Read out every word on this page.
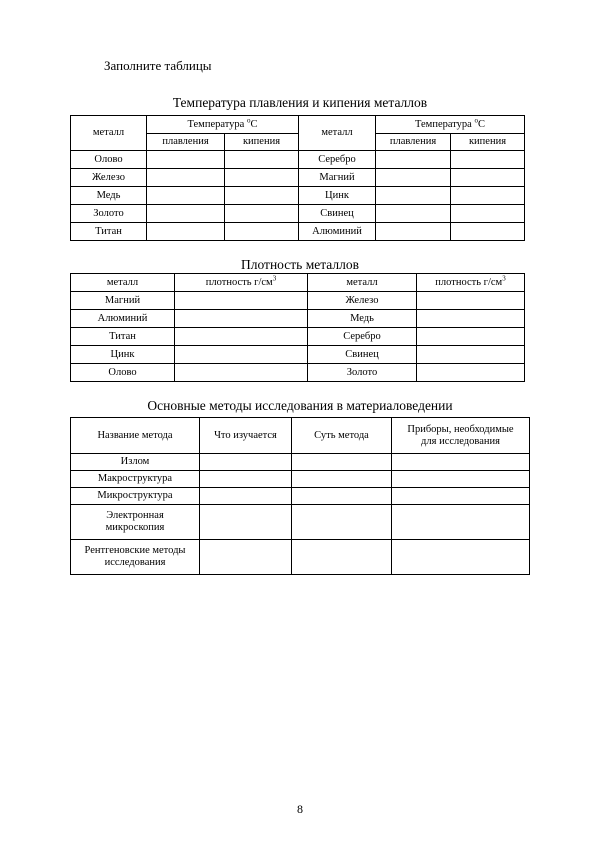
Заполните таблицы
Температура плавления и кипения металлов
металл	Температура $^о$С		металл	Температура $^о$С	
	плавления	кипения		плавления	кипения
Олово			Серебро		
Железо			Магний		
Медь			Цинк		
Золото			Свинец		
Титан			Алюминий		
Плотность металлов
металл	плотность $г/см^3$	металл	плотность $г/см^3$
Магний		Железо	
Алюминий		Медь	
Титан		Серебро	
Цинк		Свинец	
Олово		Золото	
Основные методы исследования в материаловедении
Название метода	Что изучается	Суть метода	Приборы, необходимые для исследования
Излом			
Макроструктура			
Микроструктура			
Электронная микроскопия			
Рентгеновские методы исследования			
8
